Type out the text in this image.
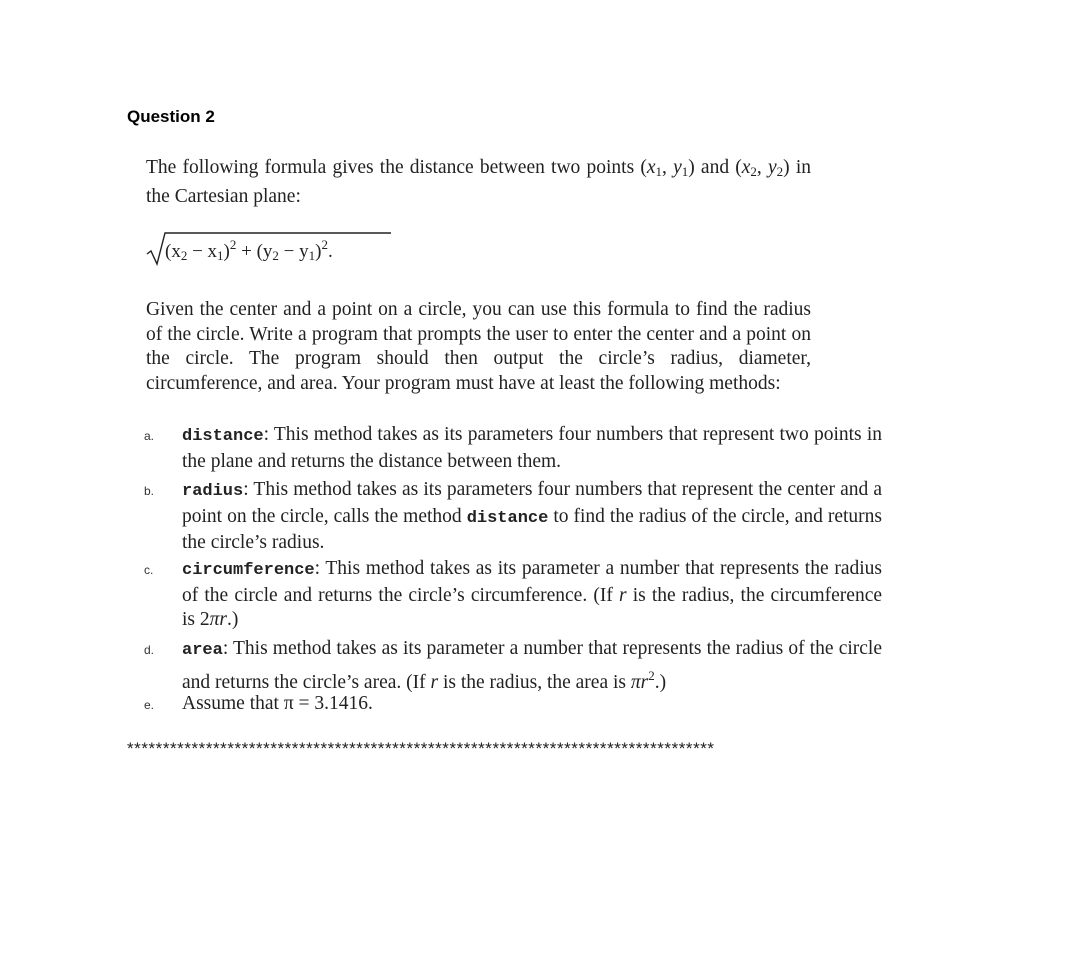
Question 2
The following formula gives the distance between two points ($x_1$, $y_1$) and ($x_2$, $y_2$) in the Cartesian plane:
$(x_2 - x_1)^2 + (y_2 - y_1)^2$.
Given the center and a point on a circle, you can use this formula to find the radius of the circle. Write a program that prompts the user to enter the center and a point on the circle. The program should then output the circle’s radius, diameter, circumference, and area. Your program must have at least the following methods:
a. distance: This method takes as its parameters four numbers that represent two points in the plane and returns the distance between them.
b. radius: This method takes as its parameters four numbers that represent the center and a point on the circle, calls the method distance to find the radius of the circle, and returns the circle’s radius.
c. circumference: This method takes as its parameter a number that represents the radius of the circle and returns the circle’s circumference. (If r is the radius, the circumference is 2πr.)
d. area: This method takes as its parameter a number that represents the radius of the circle and returns the circle’s area. (If r is the radius, the area is $\pi r^2$.)
e. Assume that π = 3.1416.
**********************************************************************************
